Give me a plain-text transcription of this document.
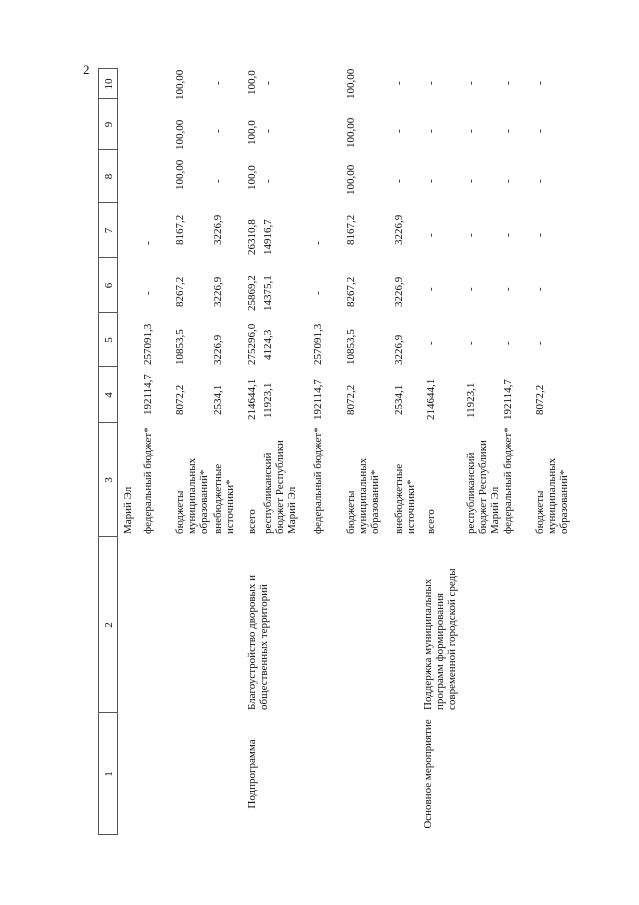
2
1
2
3
4
5
6
7
8
9
10
Марий Эл федеральный бюджет*
192114,7
257091,3
-
-
бюджеты муниципальных образований*
8072,2
10853,5
8267,2
8167,2
100,00
100,00
100,00
внебюджетные источники*
2534,1
3226,9
3226,9
3226,9
-
-
-
Подпрограмма
Благоустройство дворовых и общественных территорий
всего
214644,1
275296,0
25869,2
26310,8
100,0
100,0
100,0
республиканский бюджет Республики Марий Эл
11923,1
4124,3
14375,1
14916,7
-
-
-
федеральный бюджет*
192114,7
257091,3
-
-
бюджеты муниципальных образований*
8072,2
10853,5
8267,2
8167,2
100,00
100,00
100,00
внебюджетные источники*
2534,1
3226,9
3226,9
3226,9
-
-
-
Основное мероприятие
Поддержка муниципальных программ формирования современной городской среды
всего
214644,1
-
-
-
-
-
-
республиканский бюджет Республики Марий Эл
11923,1
-
-
-
-
-
-
федеральный бюджет*
192114,7
-
-
-
-
-
-
бюджеты муниципальных образований*
8072,2
-
-
-
-
-
-
